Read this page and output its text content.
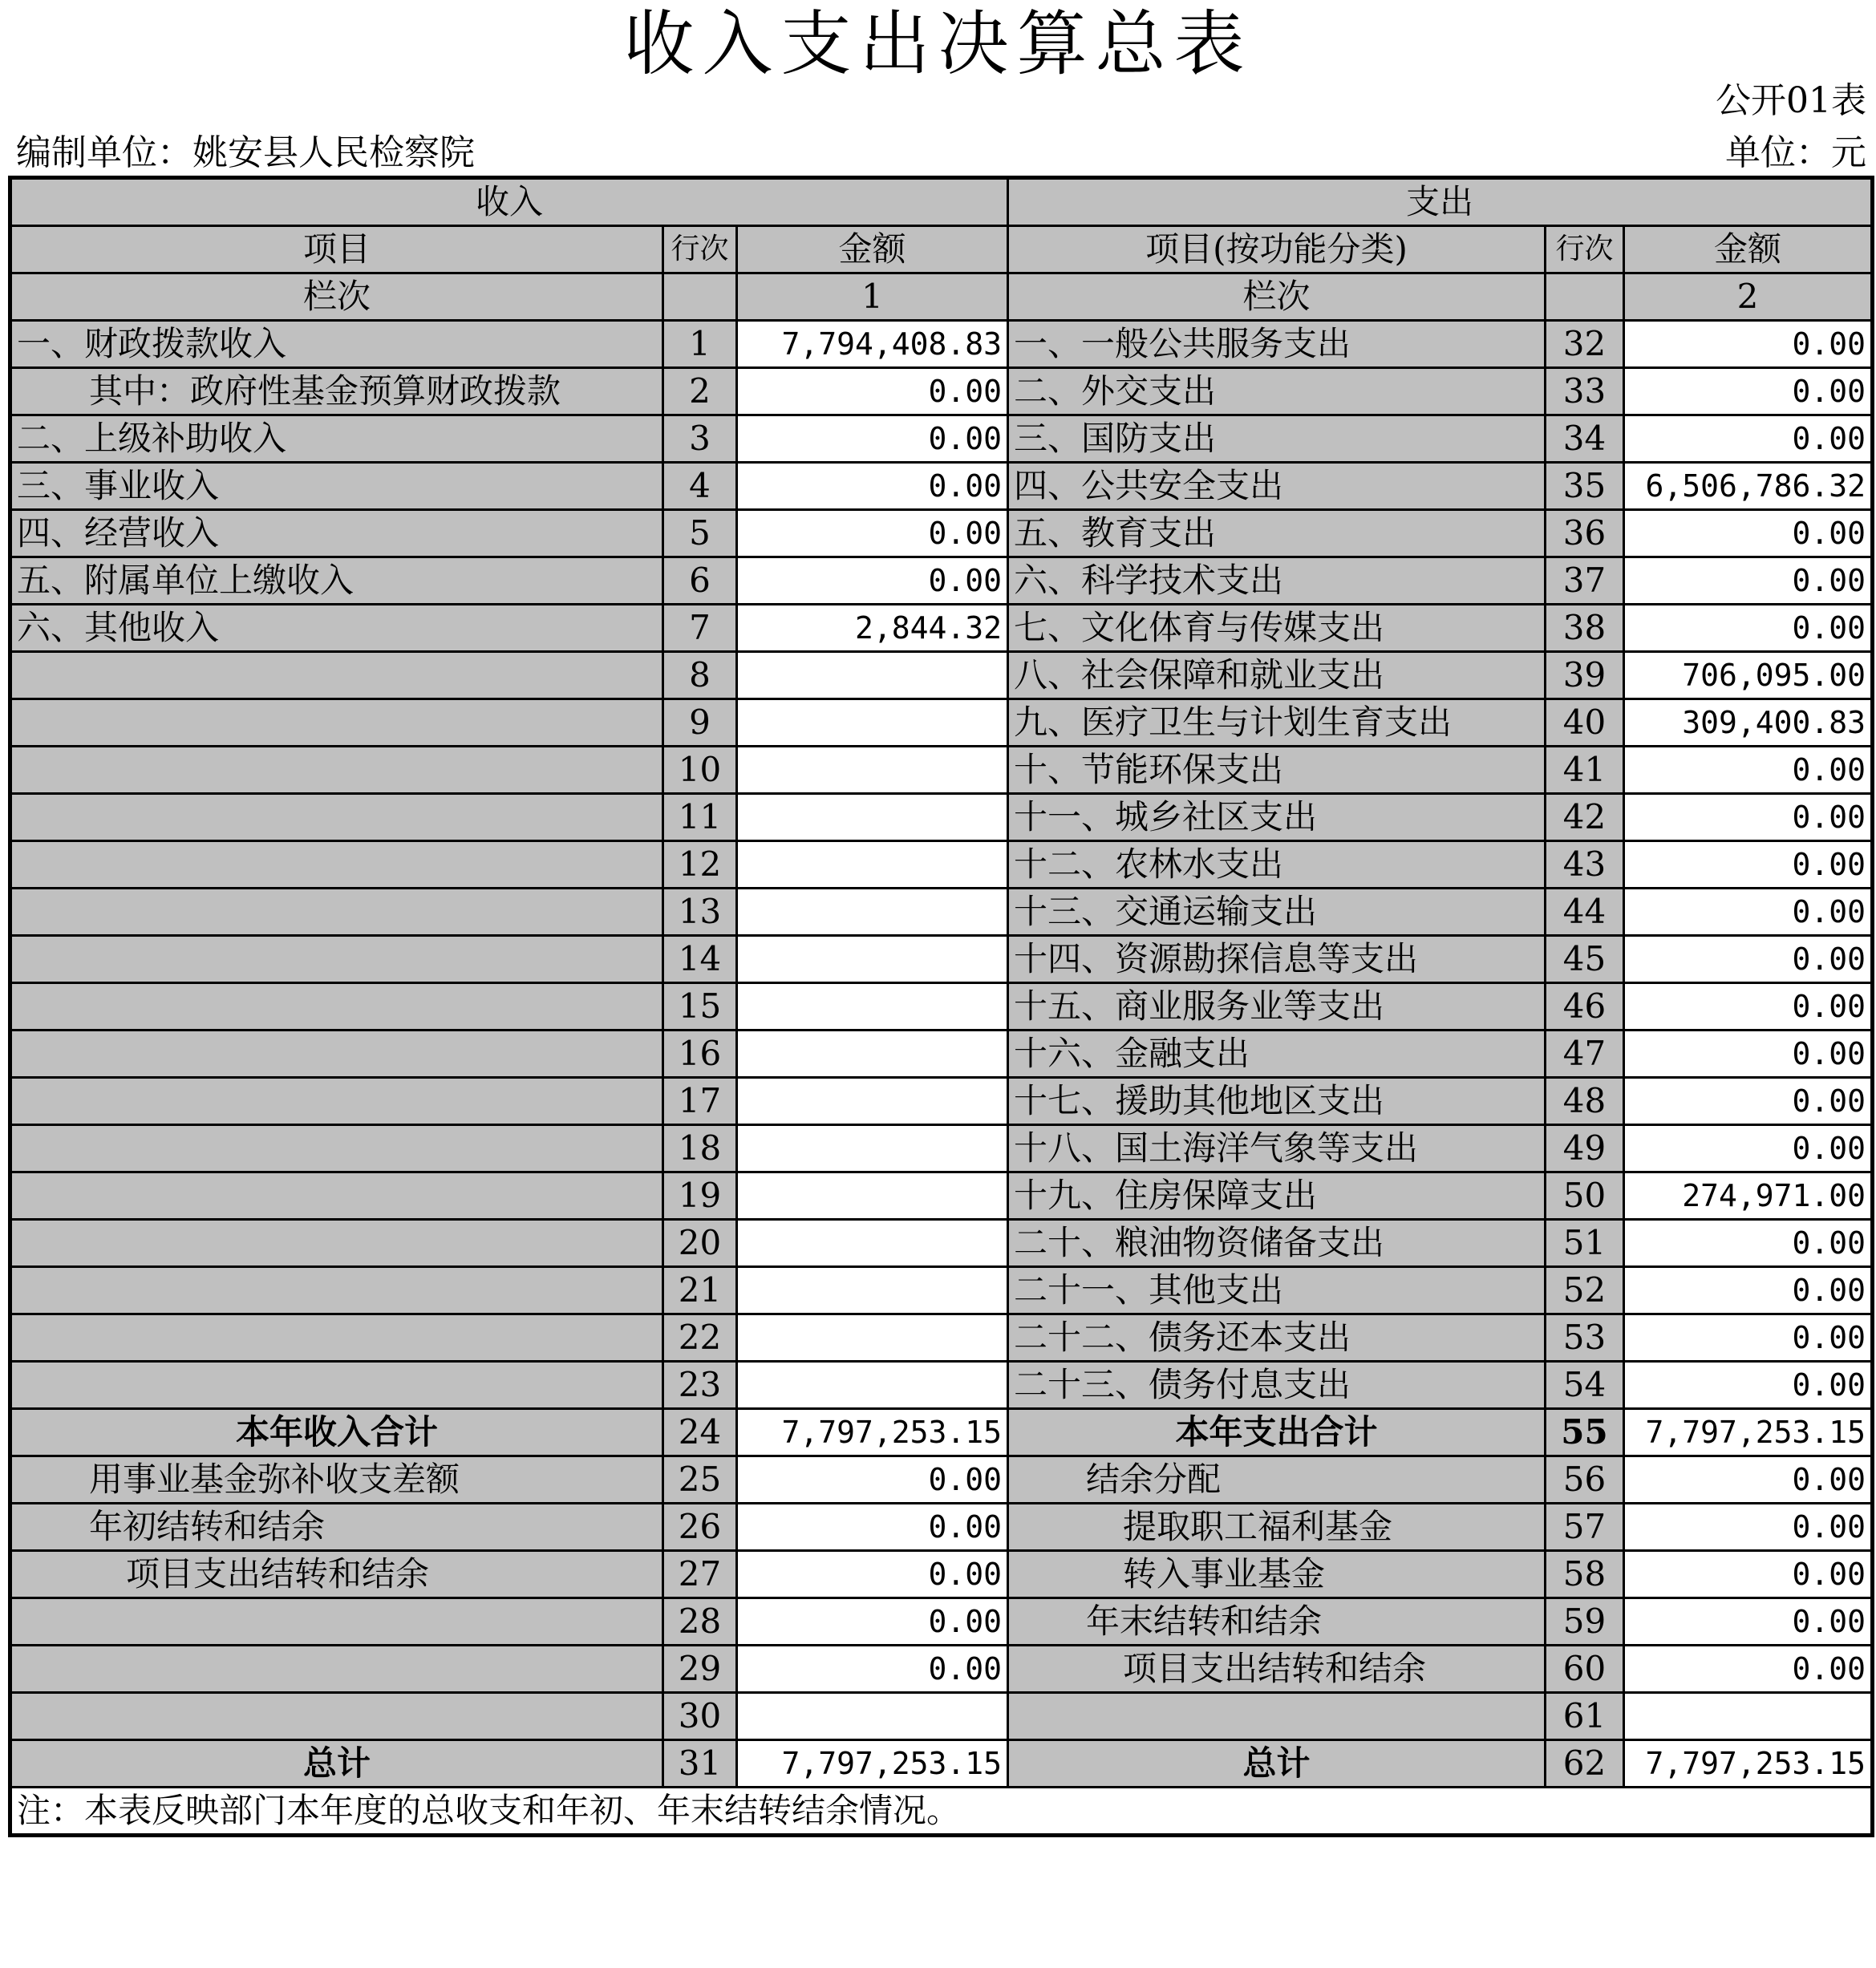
收入支出决算总表
公开01表
编制单位：姚安县人民检察院	单位：元
收入			支出		
项目	行次	金额	项目(按功能分类)	行次	金额
栏次		1	栏次		2
一、财政拨款收入	1	7,794,408.83	一、一般公共服务支出	32	0.00
其中：政府性基金预算财政拨款	2	0.00	二、外交支出	33	0.00
二、上级补助收入	3	0.00	三、国防支出	34	0.00
三、事业收入	4	0.00	四、公共安全支出	35	6,506,786.32
四、经营收入	5	0.00	五、教育支出	36	0.00
五、附属单位上缴收入	6	0.00	六、科学技术支出	37	0.00
六、其他收入	7	2,844.32	七、文化体育与传媒支出	38	0.00
	8		八、社会保障和就业支出	39	706,095.00
	9		九、医疗卫生与计划生育支出	40	309,400.83
	10		十、节能环保支出	41	0.00
	11		十一、城乡社区支出	42	0.00
	12		十二、农林水支出	43	0.00
	13		十三、交通运输支出	44	0.00
	14		十四、资源勘探信息等支出	45	0.00
	15		十五、商业服务业等支出	46	0.00
	16		十六、金融支出	47	0.00
	17		十七、援助其他地区支出	48	0.00
	18		十八、国土海洋气象等支出	49	0.00
	19		十九、住房保障支出	50	274,971.00
	20		二十、粮油物资储备支出	51	0.00
	21		二十一、其他支出	52	0.00
	22		二十二、债务还本支出	53	0.00
	23		二十三、债务付息支出	54	0.00
本年收入合计	24	7,797,253.15	本年支出合计	55	7,797,253.15
用事业基金弥补收支差额	25	0.00	结余分配	56	0.00
年初结转和结余	26	0.00	提取职工福利基金	57	0.00
项目支出结转和结余	27	0.00	转入事业基金	58	0.00
	28	0.00	年末结转和结余	59	0.00
	29	0.00	项目支出结转和结余	60	0.00
	30			61	
总计	31	7,797,253.15	总计	62	7,797,253.15
注：本表反映部门本年度的总收支和年初、年末结转结余情况。					
